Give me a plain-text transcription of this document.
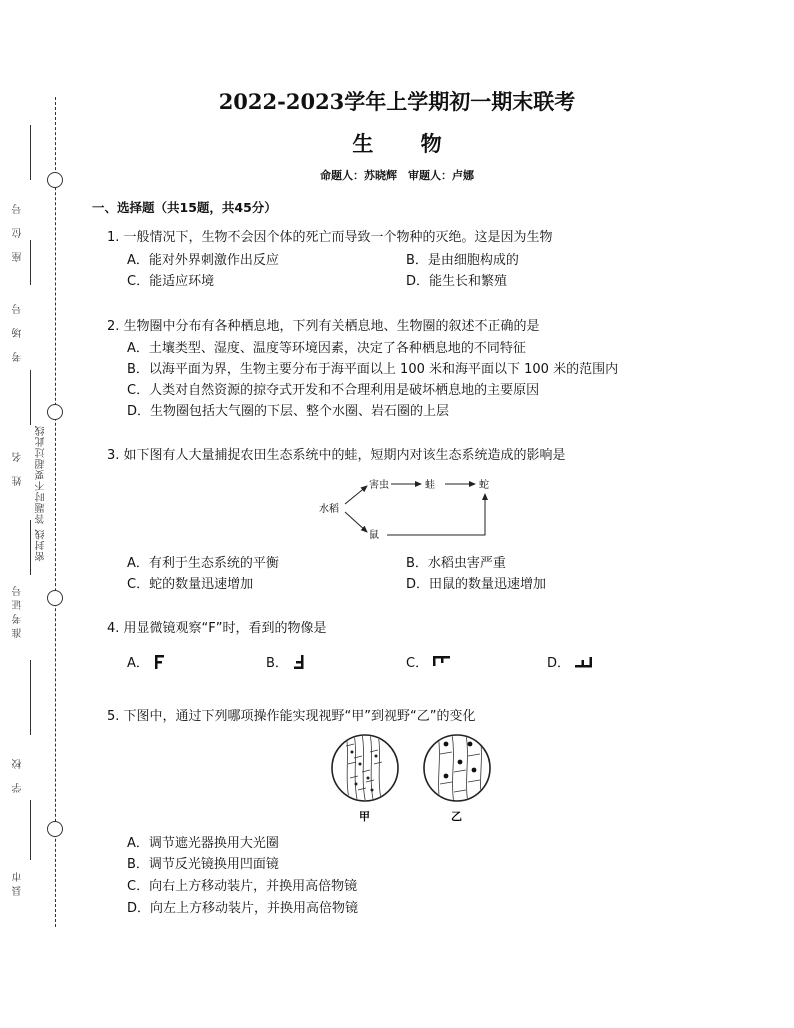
座位号
考场号
姓名 密封线 答题时不要超过此线
准考证号
学校
县市
2022-2023学年上学期初一期末联考
生 物
命题人：苏晓辉　审题人：卢娜
一、选择题（共15题，共45分）
1. 一般情况下，生物不会因个体的死亡而导致一个物种的灭绝。这是因为生物
A．能对外界刺激作出反应	B．是由细胞构成的
C．能适应环境	D．能生长和繁殖
2. 生物圈中分布有各种栖息地，下列有关栖息地、生物圈的叙述不正确的是
A．土壤类型、湿度、温度等环境因素，决定了各种栖息地的不同特征
B．以海平面为界，生物主要分布于海平面以上 100 米和海平面以下 100 米的范围内
C．人类对自然资源的掠夺式开发和不合理利用是破坏栖息地的主要原因
D．生物圈包括大气圈的下层、整个水圈、岩石圈的上层
3. 如下图有人大量捕捉农田生态系统中的蛙，短期内对该生态系统造成的影响是
水稻
害虫	蛙	蛇
鼠
A．有利于生态系统的平衡	B．水稻虫害严重
C．蛇的数量迅速增加	D．田鼠的数量迅速增加
4. 用显微镜观察“F”时，看到的物像是
A．	B．	C．	D．
5. 下图中，通过下列哪项操作能实现视野“甲”到视野“乙”的变化
甲	乙
A．调节遮光器换用大光圈
B．调节反光镜换用凹面镜
C．向右上方移动装片，并换用高倍物镜
D．向左上方移动装片，并换用高倍物镜
